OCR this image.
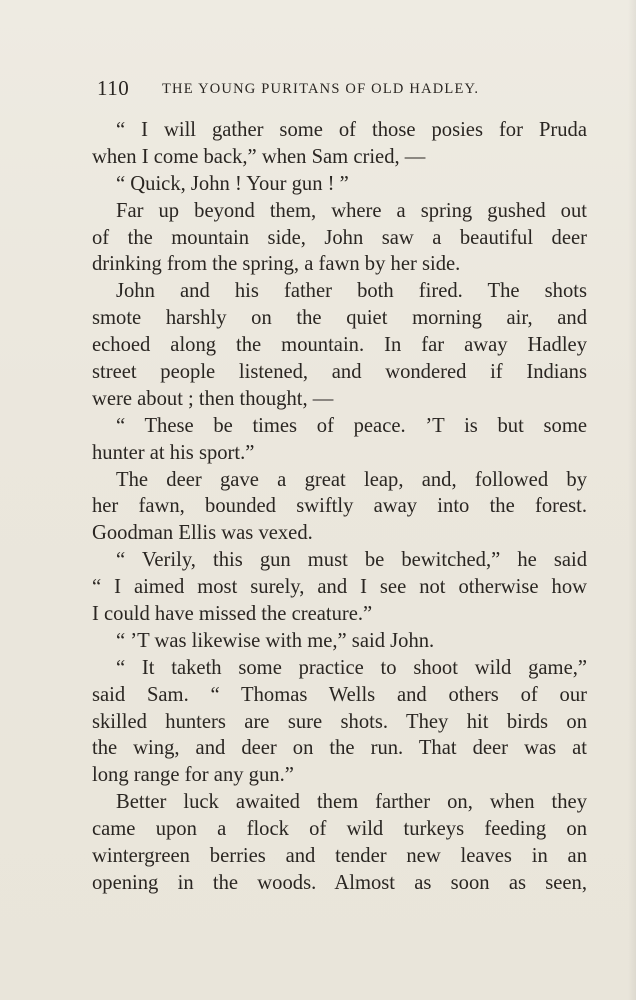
110 THE YOUNG PURITANS OF OLD HADLEY.
“ I will gather some of those posies for Pruda
when I come back,” when Sam cried, —
“ Quick, John ! Your gun ! ”
Far up beyond them, where a spring gushed out
of the mountain side, John saw a beautiful deer
drinking from the spring, a fawn by her side.
John and his father both fired. The shots
smote harshly on the quiet morning air, and
echoed along the mountain. In far away Hadley
street people listened, and wondered if Indians
were about ; then thought, —
“ These be times of peace. ’T is but some
hunter at his sport.”
The deer gave a great leap, and, followed by
her fawn, bounded swiftly away into the forest.
Goodman Ellis was vexed.
“ Verily, this gun must be bewitched,” he said
“ I aimed most surely, and I see not otherwise how
I could have missed the creature.”
“ ’T was likewise with me,” said John.
“ It taketh some practice to shoot wild game,”
said Sam. “ Thomas Wells and others of our
skilled hunters are sure shots. They hit birds on
the wing, and deer on the run. That deer was at
long range for any gun.”
Better luck awaited them farther on, when they
came upon a flock of wild turkeys feeding on
wintergreen berries and tender new leaves in an
opening in the woods. Almost as soon as seen,
